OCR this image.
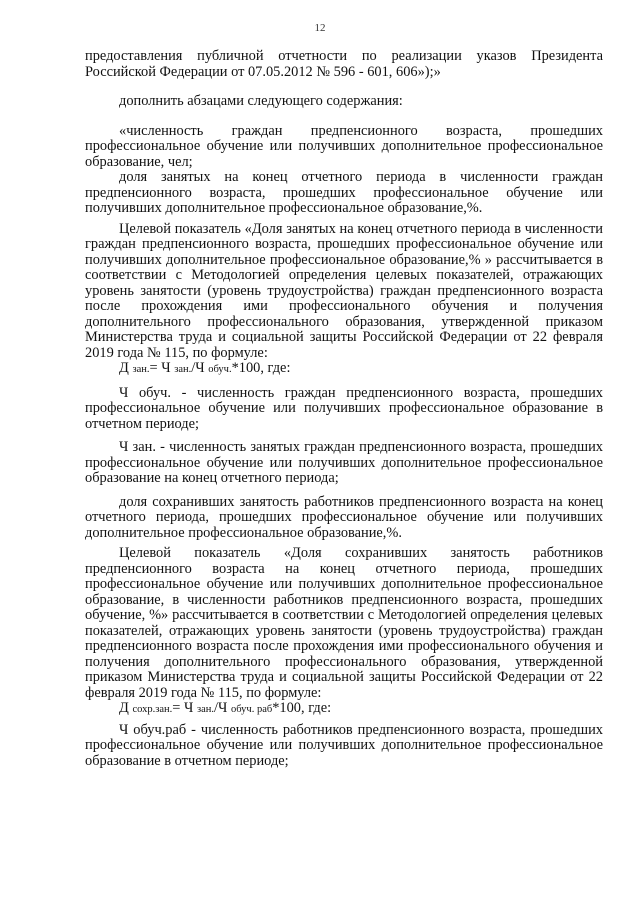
12

предоставления публичной отчетности по реализации указов Президента Российской Федерации от 07.05.2012 № 596 - 601, 606»);»

дополнить абзацами следующего содержания:

«численность граждан предпенсионного возраста, прошедших профессиональное обучение или получивших дополнительное профессиональное образование, чел;

доля занятых на конец отчетного периода в численности граждан предпенсионного возраста, прошедших профессиональное обучение или получивших дополнительное профессиональное образование,%.

Целевой показатель «Доля занятых на конец отчетного периода в численности граждан предпенсионного возраста, прошедших профессиональное обучение или получивших дополнительное профессиональное образование,% » рассчитывается в соответствии с Методологией определения целевых показателей, отражающих уровень занятости (уровень трудоустройства) граждан предпенсионного возраста после прохождения ими профессионального обучения и получения дополнительного профессионального образования, утвержденной приказом Министерства труда и социальной защиты Российской Федерации от 22 февраля 2019 года № 115, по формуле:

Д зан.= Ч зан./Ч обуч.*100, где:

Ч обуч. - численность граждан предпенсионного возраста, прошедших профессиональное обучение или получивших профессиональное образование в отчетном периоде;

Ч зан. - численность занятых граждан предпенсионного возраста, прошедших профессиональное обучение или получивших дополнительное профессиональное образование на конец отчетного периода;

доля сохранивших занятость работников предпенсионного возраста на конец отчетного периода, прошедших профессиональное обучение или получивших дополнительное профессиональное образование,%.

Целевой показатель «Доля сохранивших занятость работников предпенсионного возраста на конец отчетного периода, прошедших профессиональное обучение или получивших дополнительное профессиональное образование, в численности работников предпенсионного возраста, прошедших обучение, %» рассчитывается в соответствии с Методологией определения целевых показателей, отражающих уровень занятости (уровень трудоустройства) граждан предпенсионного возраста после прохождения ими профессионального обучения и получения дополнительного профессионального образования, утвержденной приказом Министерства труда и социальной защиты Российской Федерации от 22 февраля 2019 года № 115, по формуле:

Д сохр.зан.= Ч зан./Ч обуч. раб*100, где:

Ч обуч.раб - численность работников предпенсионного возраста, прошедших профессиональное обучение или получивших дополнительное профессиональное образование в отчетном периоде;
